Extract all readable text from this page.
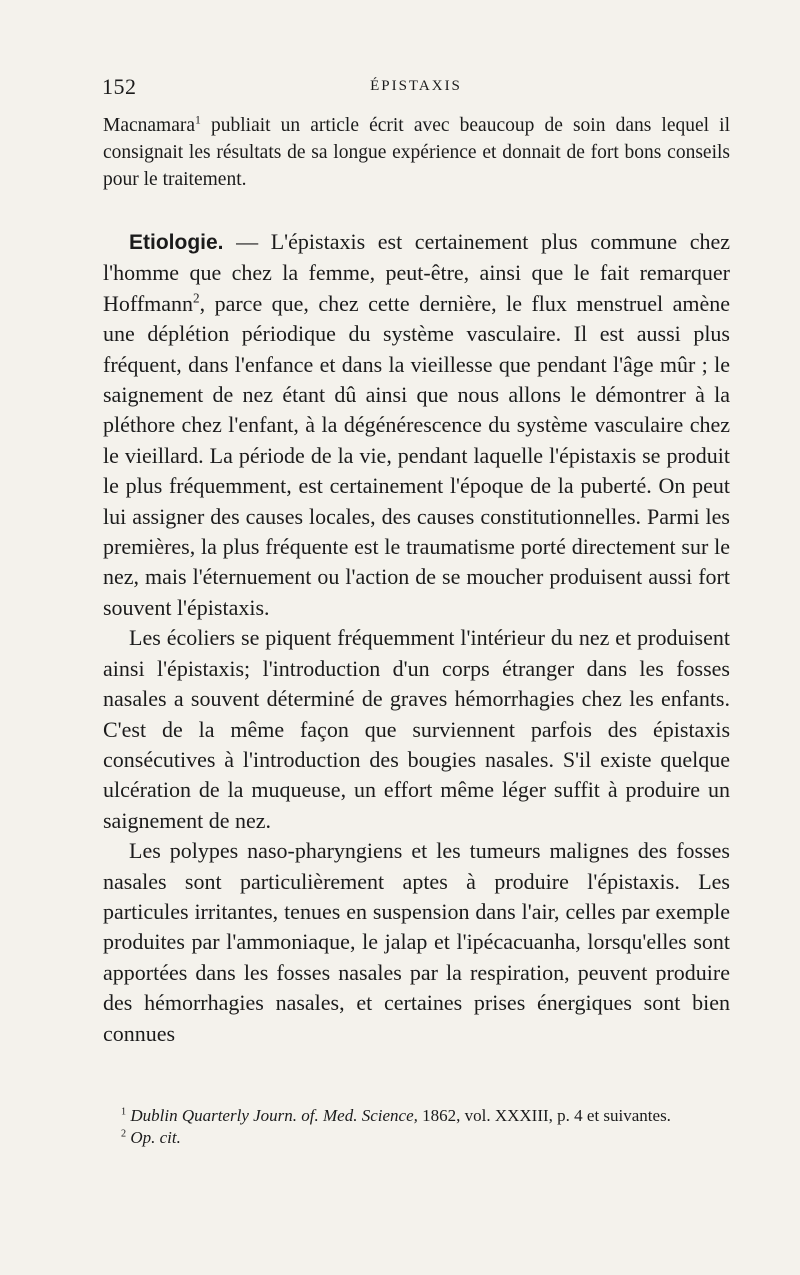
152	ÉPISTAXIS

Macnamara$^1$ publiait un article écrit avec beaucoup de soin dans lequel il consignait les résultats de sa longue expérience et donnait de fort bons conseils pour le traitement.

Etiologie. — L'épistaxis est certainement plus commune chez l'homme que chez la femme, peut-être, ainsi que le fait remarquer Hoffmann$^2$, parce que, chez cette dernière, le flux menstruel amène une déplétion périodique du système vasculaire. Il est aussi plus fréquent, dans l'enfance et dans la vieillesse que pendant l'âge mûr ; le saignement de nez étant dû ainsi que nous allons le démontrer à la pléthore chez l'enfant, à la dégénérescence du système vasculaire chez le vieillard. La période de la vie, pendant laquelle l'épistaxis se produit le plus fréquemment, est certainement l'époque de la puberté. On peut lui assigner des causes locales, des causes constitutionnelles. Parmi les premières, la plus fréquente est le traumatisme porté directement sur le nez, mais l'éternuement ou l'action de se moucher produisent aussi fort souvent l'épistaxis.

Les écoliers se piquent fréquemment l'intérieur du nez et produisent ainsi l'épistaxis; l'introduction d'un corps étranger dans les fosses nasales a souvent déterminé de graves hémorrhagies chez les enfants. C'est de la même façon que surviennent parfois des épistaxis consécutives à l'introduction des bougies nasales. S'il existe quelque ulcération de la muqueuse, un effort même léger suffit à produire un saignement de nez.

Les polypes naso-pharyngiens et les tumeurs malignes des fosses nasales sont particulièrement aptes à produire l'épistaxis. Les particules irritantes, tenues en suspension dans l'air, celles par exemple produites par l'ammoniaque, le jalap et l'ipécacuanha, lorsqu'elles sont apportées dans les fosses nasales par la respiration, peuvent produire des hémorrhagies nasales, et certaines prises énergiques sont bien connues

$^1$ Dublin Quarterly Journ. of. Med. Science, 1862, vol. XXXIII, p. 4 et suivantes.

$^2$ Op. cit.
